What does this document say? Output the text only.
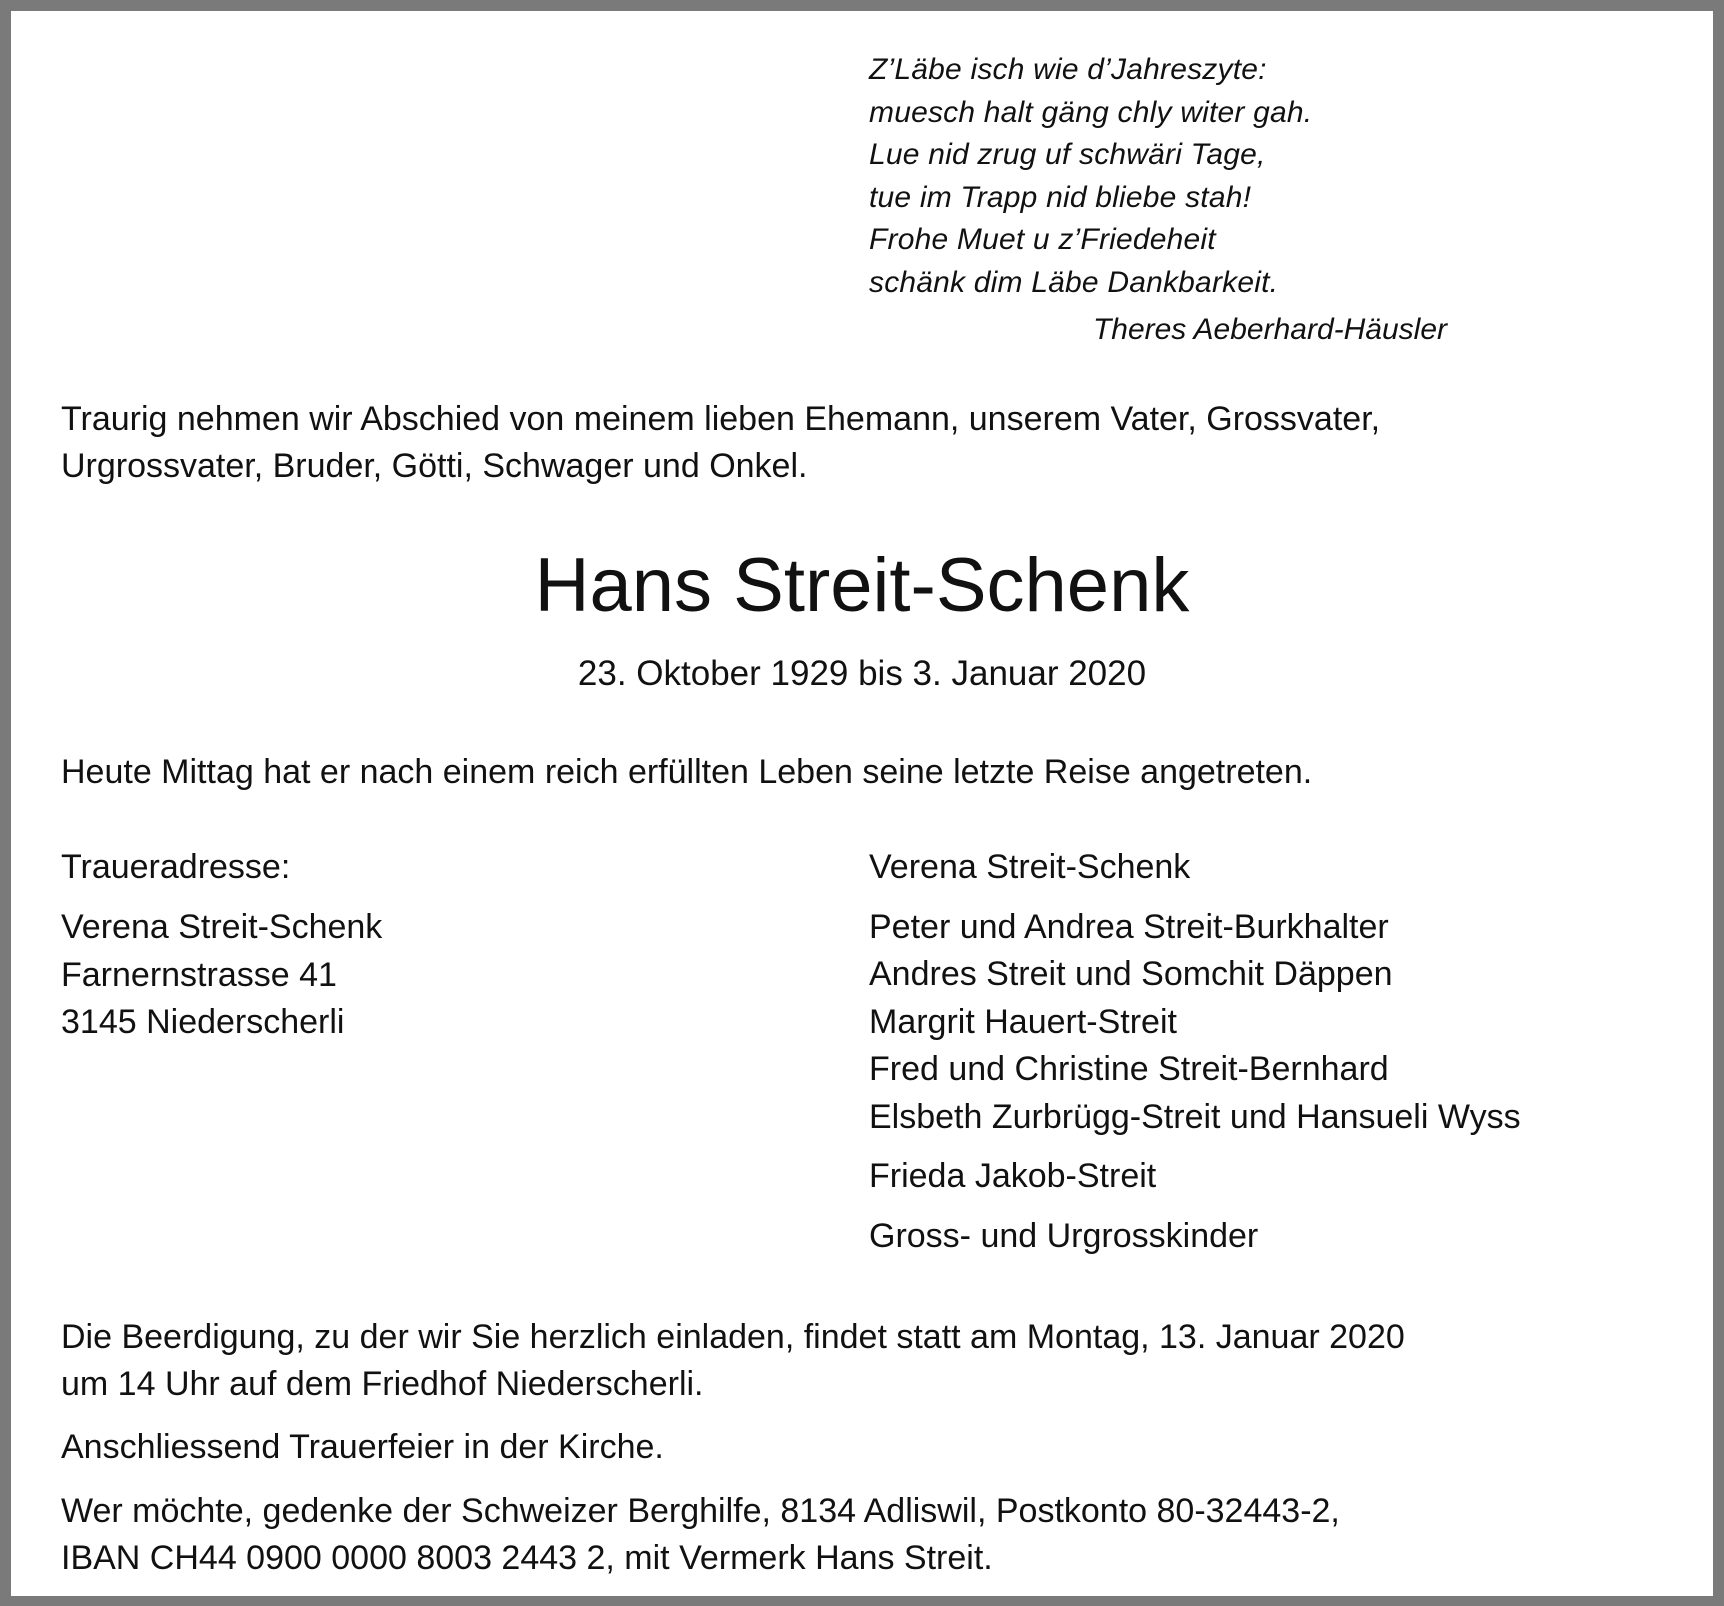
Z’Läbe isch wie d’Jahreszyte:
muesch halt gäng chly witer gah.
Lue nid zrug uf schwäri Tage,
tue im Trapp nid bliebe stah!
Frohe Muet u z’Friedeheit
schänk dim Läbe Dankbarkeit.
Theres Aeberhard-Häusler
Traurig nehmen wir Abschied von meinem lieben Ehemann, unserem Vater, Grossvater,
Urgrossvater, Bruder, Götti, Schwager und Onkel.
Hans Streit-Schenk
23. Oktober 1929 bis 3. Januar 2020
Heute Mittag hat er nach einem reich erfüllten Leben seine letzte Reise angetreten.
Traueradresse:
Verena Streit-Schenk
Farnernstrasse 41
3145 Niederscherli
Verena Streit-Schenk
Peter und Andrea Streit-Burkhalter
Andres Streit und Somchit Däppen
Margrit Hauert-Streit
Fred und Christine Streit-Bernhard
Elsbeth Zurbrügg-Streit und Hansueli Wyss
Frieda Jakob-Streit
Gross- und Urgrosskinder
Die Beerdigung, zu der wir Sie herzlich einladen, findet statt am Montag, 13. Januar 2020
um 14 Uhr auf dem Friedhof Niederscherli.
Anschliessend Trauerfeier in der Kirche.
Wer möchte, gedenke der Schweizer Berghilfe, 8134 Adliswil, Postkonto 80-32443-2,
IBAN CH44 0900 0000 8003 2443 2, mit Vermerk Hans Streit.
